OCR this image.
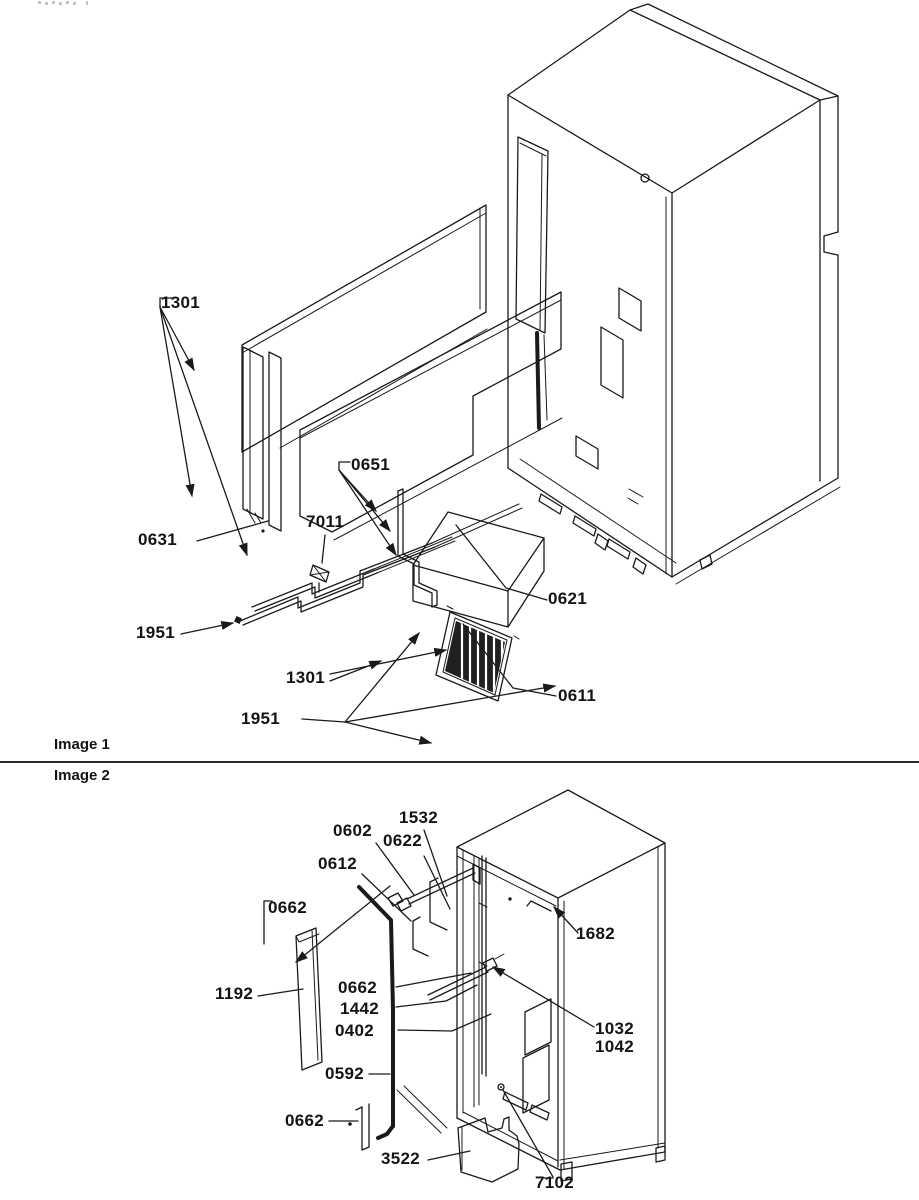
1301
0651
7011
0631
1951
0621
1301
0611
1951
Image 1
1532
0602
0622
0612
0662
1192	0662
1442
0402
0592
0662
3522
7102
1682
1032
1042
Image 2
